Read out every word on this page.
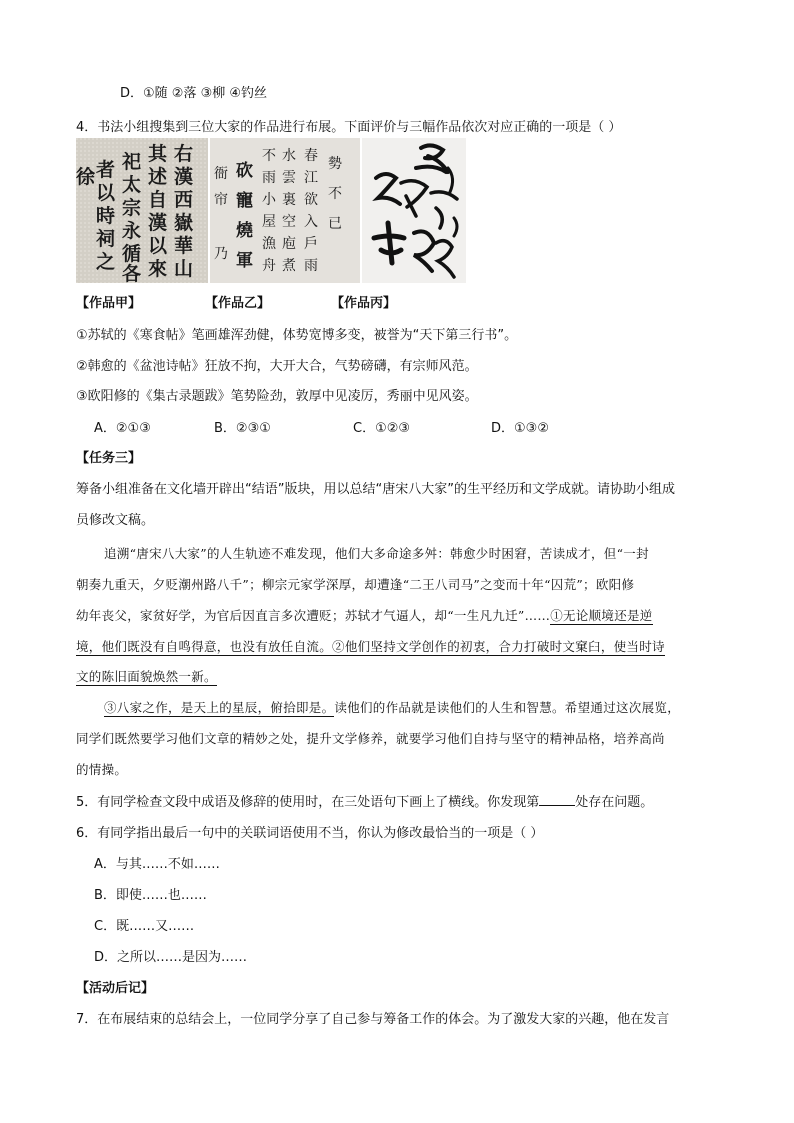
D．①随 ②落 ③柳 ④钓丝
4．书法小组搜集到三位大家的作品进行布展。下面评价与三幅作品依次对应正确的一项是（ ）
右
漢
西
嶽
華
山
其
述
自
漢
以
來
祀
太
宗
永
循
各
者
以
時
祠
之
徐	砍
寵
燒
軍
衙
帘
乃
不
雨
小
屋
漁
舟
水
雲
裏
空
庖
煮
春
江
欲
入
戶
雨
勢
不
已
【作品甲】	【作品乙】	【作品丙】
①苏轼的《寒食帖》笔画雄浑劲健，体势宽博多变，被誉为“天下第三行书”。
②韩愈的《盆池诗帖》狂放不拘，大开大合，气势磅礴，有宗师风范。
③欧阳修的《集古录题跋》笔势险劲，敦厚中见凌厉，秀丽中见风姿。
A．②①③	B．②③①	C．①②③	D．①③②
【任务三】
筹备小组准备在文化墙开辟出“结语”版块，用以总结“唐宋八大家”的生平经历和文学成就。请协助小组成
员修改文稿。
追溯“唐宋八大家”的人生轨迹不难发现，他们大多命途多舛：韩愈少时困窘，苦读成才，但“一封
朝奏九重天，夕贬潮州路八千”；柳宗元家学深厚，却遭逢“二王八司马”之变而十年“囚荒”；欧阳修
幼年丧父，家贫好学，为官后因直言多次遭贬；苏轼才气逼人，却“一生凡九迁”……①无论顺境还是逆
境，他们既没有自鸣得意，也没有放任自流。②他们坚持文学创作的初衷，合力打破时文窠臼，使当时诗
文的陈旧面貌焕然一新。
③八家之作，是天上的星辰，俯拾即是。读他们的作品就是读他们的人生和智慧。希望通过这次展览，
同学们既然要学习他们文章的精妙之处，提升文学修养，就要学习他们自持与坚守的精神品格，培养高尚
的情操。
5．有同学检查文段中成语及修辞的使用时，在三处语句下画上了横线。你发现第	处存在问题。
6．有同学指出最后一句中的关联词语使用不当，你认为修改最恰当的一项是（ ）
A．与其……不如……
B．即使……也……
C．既……又……
D．之所以……是因为……
【活动后记】
7．在布展结束的总结会上，一位同学分享了自己参与筹备工作的体会。为了激发大家的兴趣，他在发言
